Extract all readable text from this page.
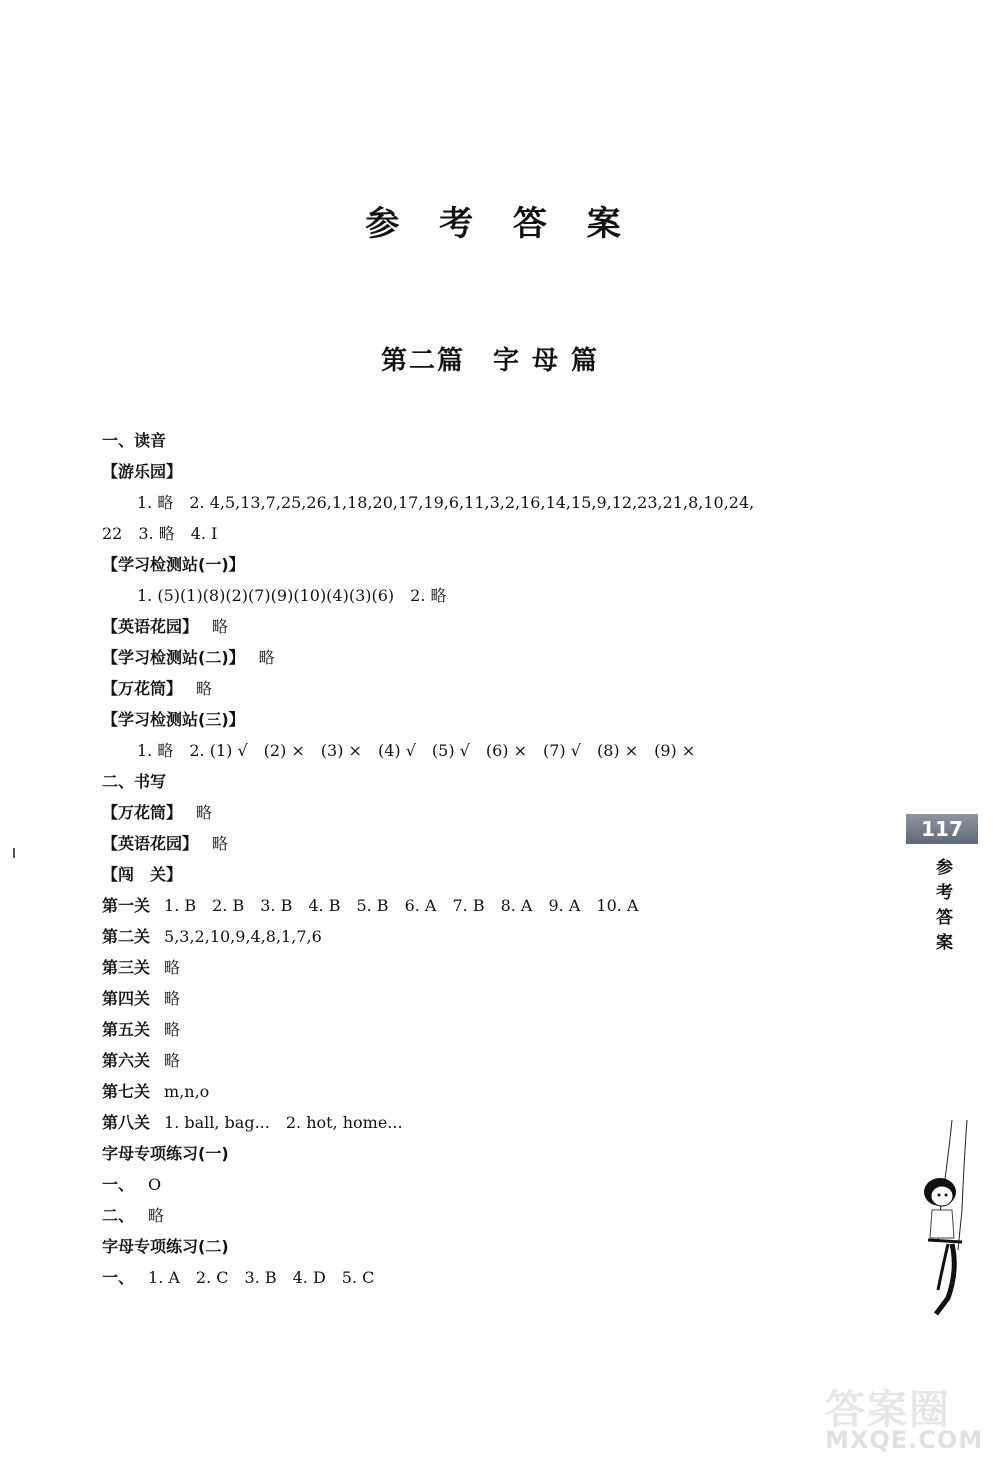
参 考 答 案
第二篇　字 母 篇
一、读音
【游乐园】
1. 略　2. 4,5,13,7,25,26,1,18,20,17,19,6,11,3,2,16,14,15,9,12,23,21,8,10,24,
22　3. 略　4. I
【学习检测站(一)】
1. (5)(1)(8)(2)(7)(9)(10)(4)(3)(6)　2. 略
【英语花园】 略
【学习检测站(二)】 略
【万花筒】 略
【学习检测站(三)】
1. 略　2. (1) √　(2) ×　(3) ×　(4) √　(5) √　(6) ×　(7) √　(8) ×　(9) ×
二、书写
【万花筒】 略
【英语花园】 略
【闯　关】
第一关 1. B　2. B　3. B　4. B　5. B　6. A　7. B　8. A　9. A　10. A
第二关 5,3,2,10,9,4,8,1,7,6
第三关 略
第四关 略
第五关 略
第六关 略
第七关 m,n,o
第八关 1. ball, bag...　2. hot, home...
字母专项练习(一)
一、 O
二、 略
字母专项练习(二)
一、 1. A　2. C　3. B　4. D　5. C
117
参考答案
答案圈
MXQE.COM
